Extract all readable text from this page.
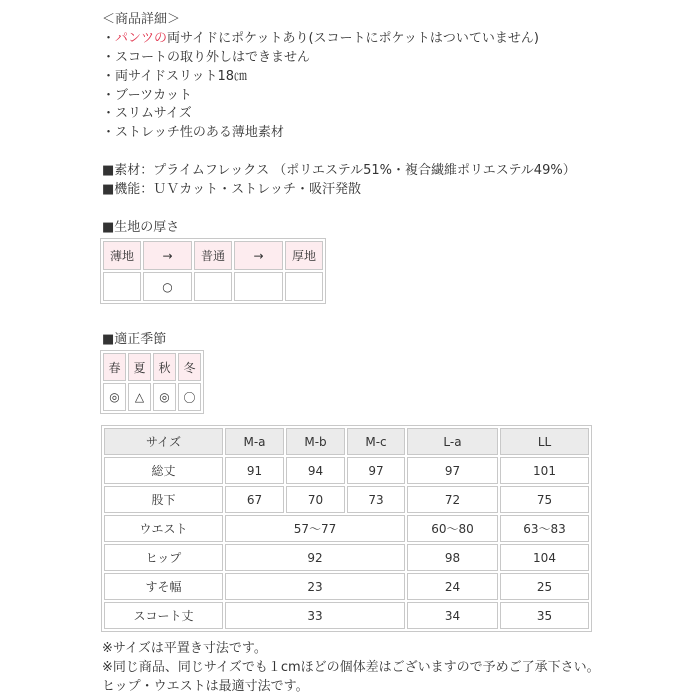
＜商品詳細＞
・パンツの両サイドにポケットあり(スコートにポケットはついていません)
・スコートの取り外しはできません
・両サイドスリット18㎝
・ブーツカット
・スリムサイズ
・ストレッチ性のある薄地素材
■素材：プライムフレックス （ポリエステル51%・複合繊維ポリエステル49%）
■機能：ＵＶカット・ストレッチ・吸汗発散
■生地の厚さ
薄地	→	普通	→	厚地
	○			
■適正季節
春	夏	秋	冬
◎	△	◎	〇
サイズ	M-a	M-b	M-c	L-a	LL
総丈	91	94	97	97	101
股下	67	70	73	72	75
ウエスト	57〜77			60〜80	63〜83
ヒップ	92			98	104
すそ幅	23			24	25
スコート丈	33			34	35
※サイズは平置き寸法です。
※同じ商品、同じサイズでも１cmほどの個体差はございますので予めご了承下さい。
ヒップ・ウエストは最適寸法です。
